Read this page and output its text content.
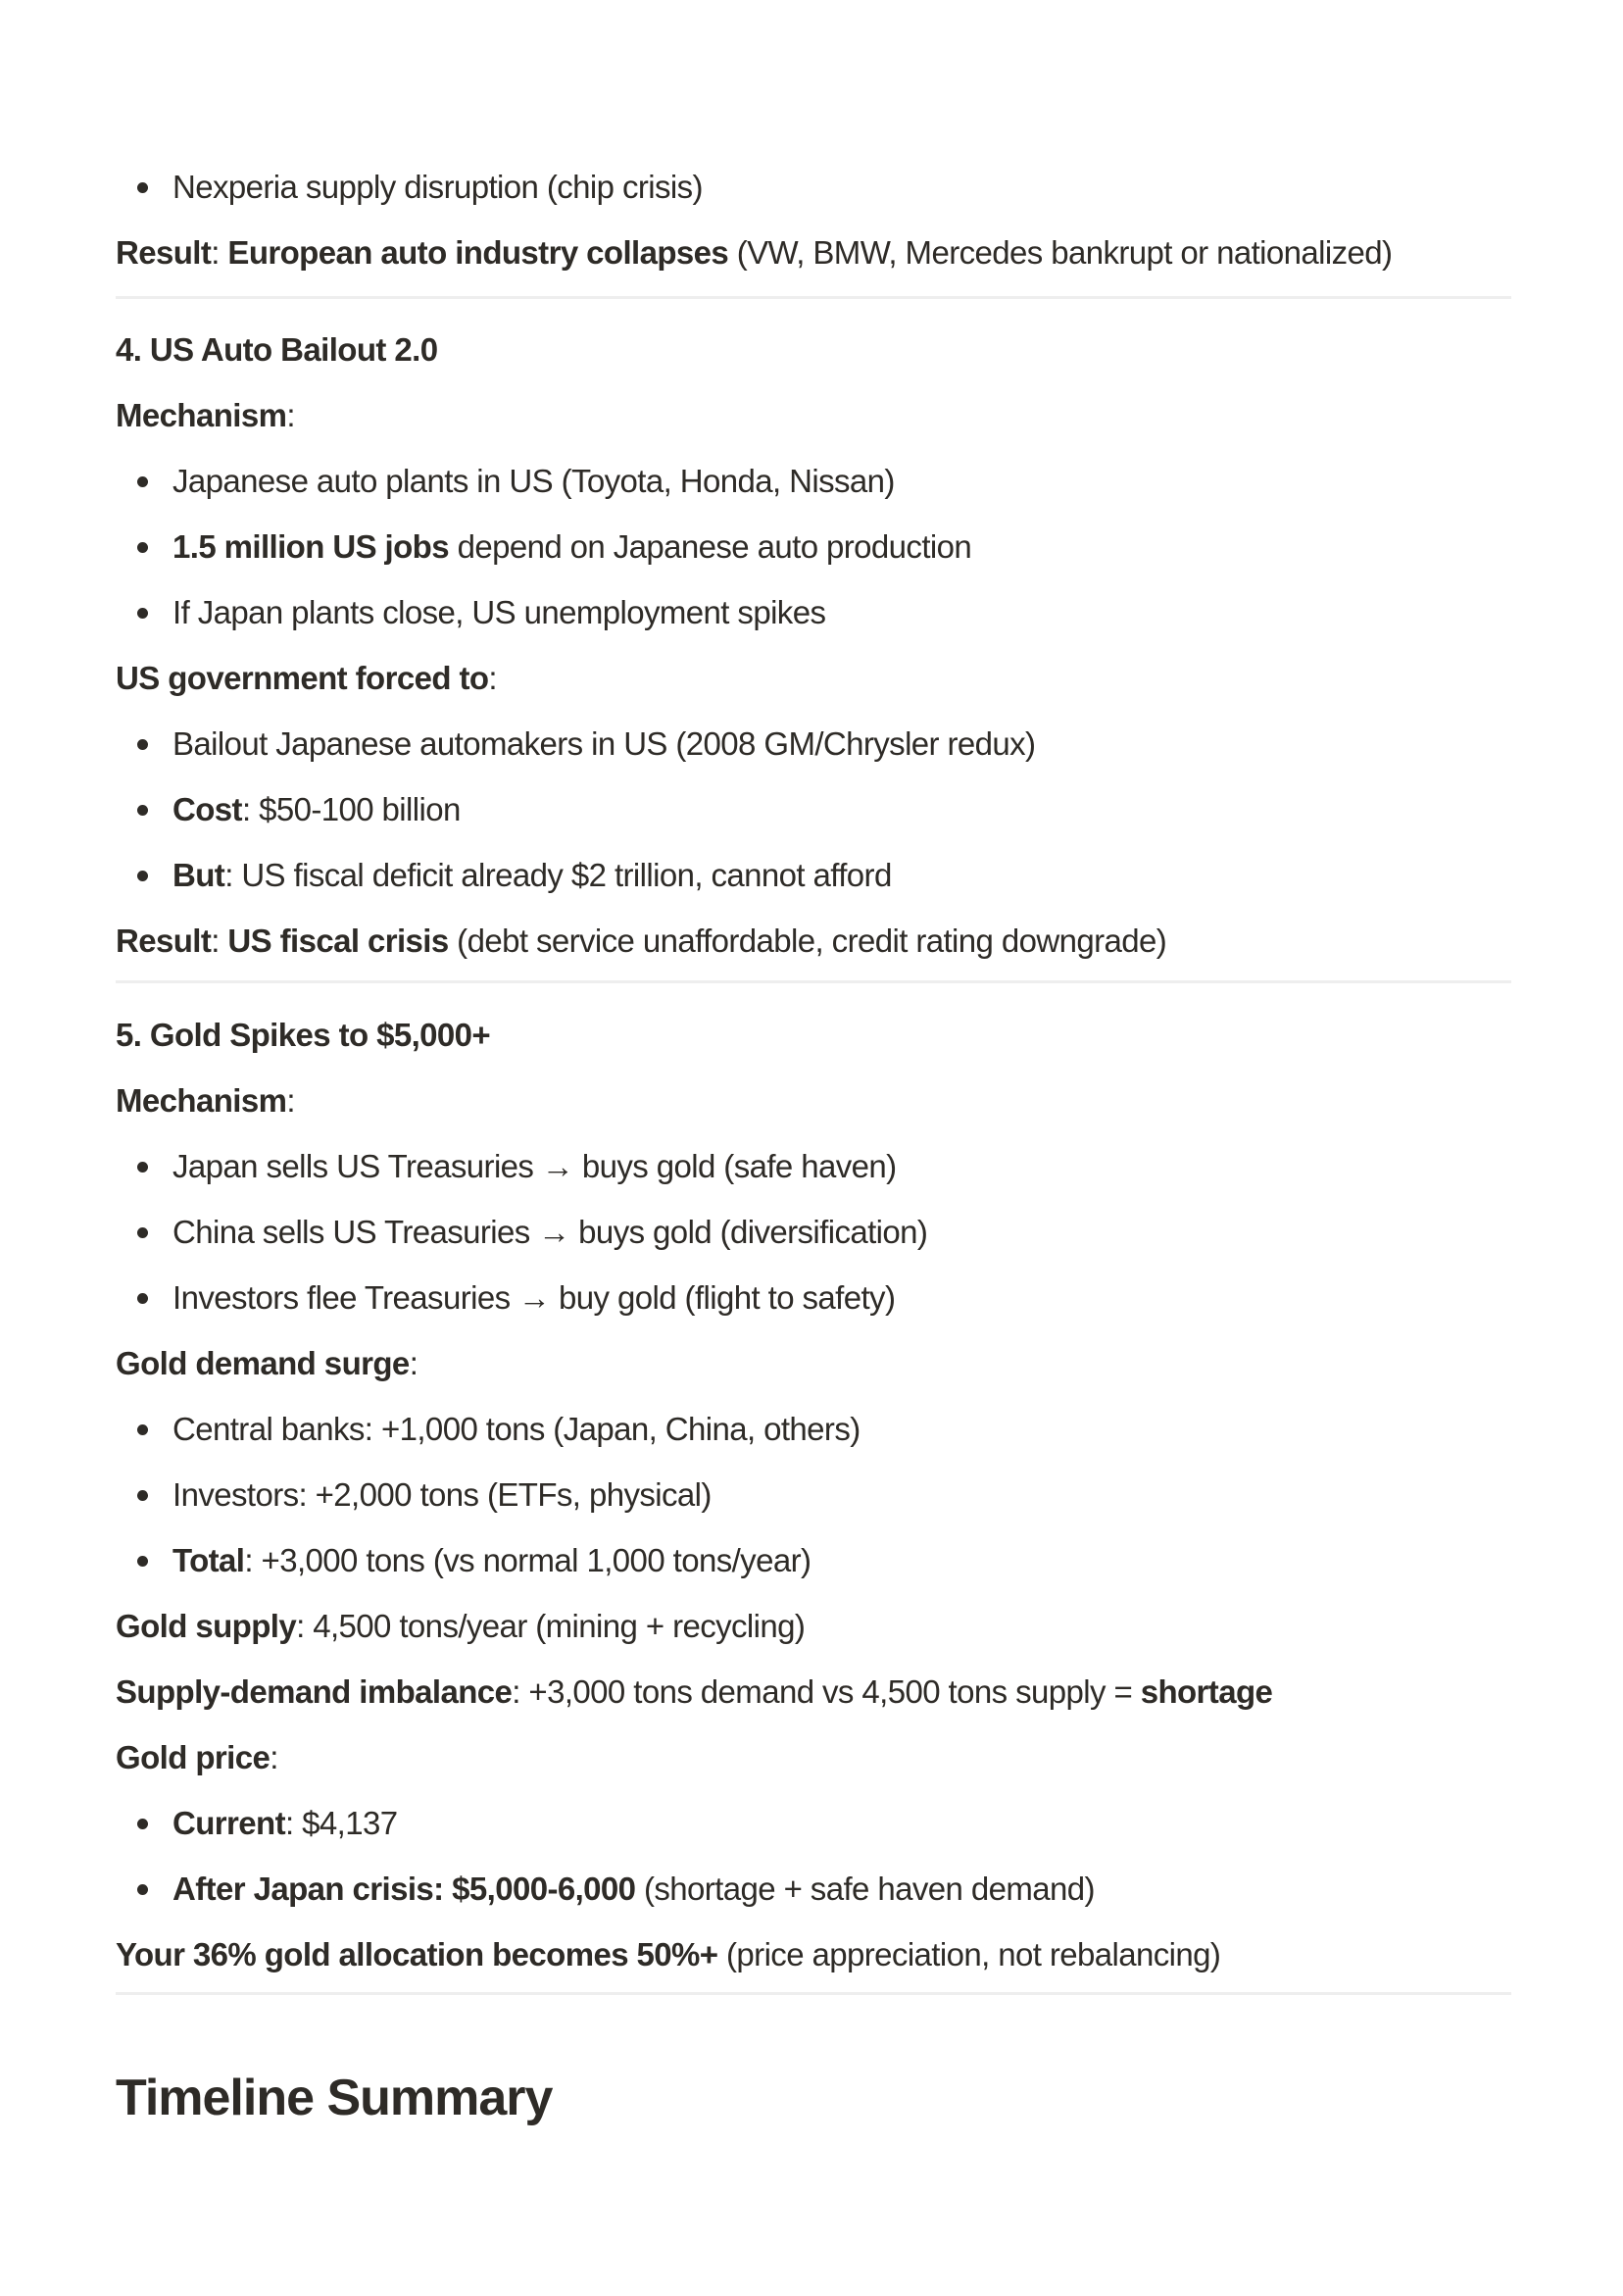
Nexperia supply disruption (chip crisis)
Result: European auto industry collapses (VW, BMW, Mercedes bankrupt or nationalized)
4. US Auto Bailout 2.0
Mechanism:
Japanese auto plants in US (Toyota, Honda, Nissan)
1.5 million US jobs depend on Japanese auto production
If Japan plants close, US unemployment spikes
US government forced to:
Bailout Japanese automakers in US (2008 GM/Chrysler redux)
Cost: $50-100 billion
But: US fiscal deficit already $2 trillion, cannot afford
Result: US fiscal crisis (debt service unaffordable, credit rating downgrade)
5. Gold Spikes to $5,000+
Mechanism:
Japan sells US Treasuries → buys gold (safe haven)
China sells US Treasuries → buys gold (diversification)
Investors flee Treasuries → buy gold (flight to safety)
Gold demand surge:
Central banks: +1,000 tons (Japan, China, others)
Investors: +2,000 tons (ETFs, physical)
Total: +3,000 tons (vs normal 1,000 tons/year)
Gold supply: 4,500 tons/year (mining + recycling)
Supply-demand imbalance: +3,000 tons demand vs 4,500 tons supply = shortage
Gold price:
Current: $4,137
After Japan crisis: $5,000-6,000 (shortage + safe haven demand)
Your 36% gold allocation becomes 50%+ (price appreciation, not rebalancing)
Timeline Summary
